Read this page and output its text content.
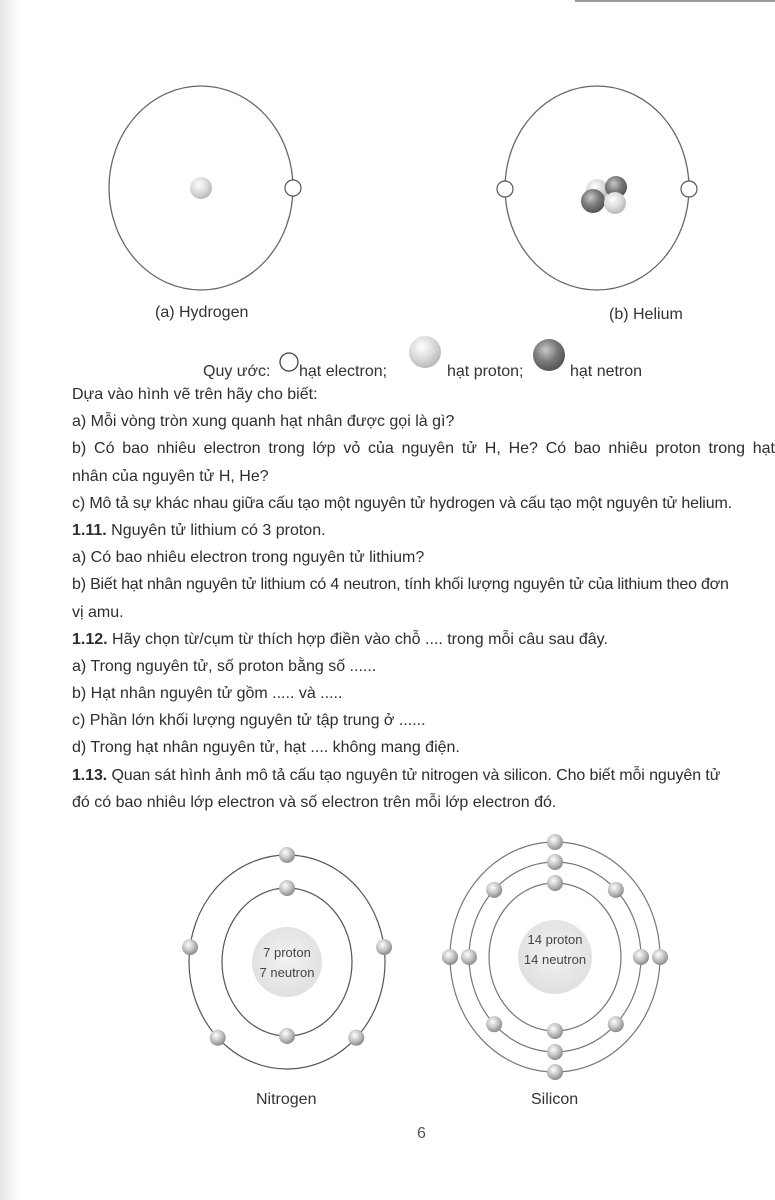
(a) Hydrogen	(b) Helium
Quy ước: hạt electron;	hạt proton;	hạt netron
Dựa vào hình vẽ trên hãy cho biết:
a) Mỗi vòng tròn xung quanh hạt nhân được gọi là gì?
b) Có bao nhiêu electron trong lớp vỏ của nguyên tử H, He? Có bao nhiêu proton trong hạt
nhân của nguyên tử H, He?
c) Mô tả sự khác nhau giữa cấu tạo một nguyên tử hydrogen và cấu tạo một nguyên tử helium.
1.11. Nguyên tử lithium có 3 proton.
a) Có bao nhiêu electron trong nguyên tử lithium?
b) Biết hạt nhân nguyên tử lithium có 4 neutron, tính khối lượng nguyên tử của lithium theo đơn
vị amu.
1.12. Hãy chọn từ/cụm từ thích hợp điền vào chỗ .... trong mỗi câu sau đây.
a) Trong nguyên tử, số proton bằng số ......
b) Hạt nhân nguyên tử gồm ..... và .....
c) Phần lớn khối lượng nguyên tử tập trung ở ......
d) Trong hạt nhân nguyên tử, hạt .... không mang điện.
1.13. Quan sát hình ảnh mô tả cấu tạo nguyên tử nitrogen và silicon. Cho biết mỗi nguyên tử
đó có bao nhiêu lớp electron và số electron trên mỗi lớp electron đó.
7 proton
7 neutron
14 proton
14 neutron
Nitrogen	Silicon
6
